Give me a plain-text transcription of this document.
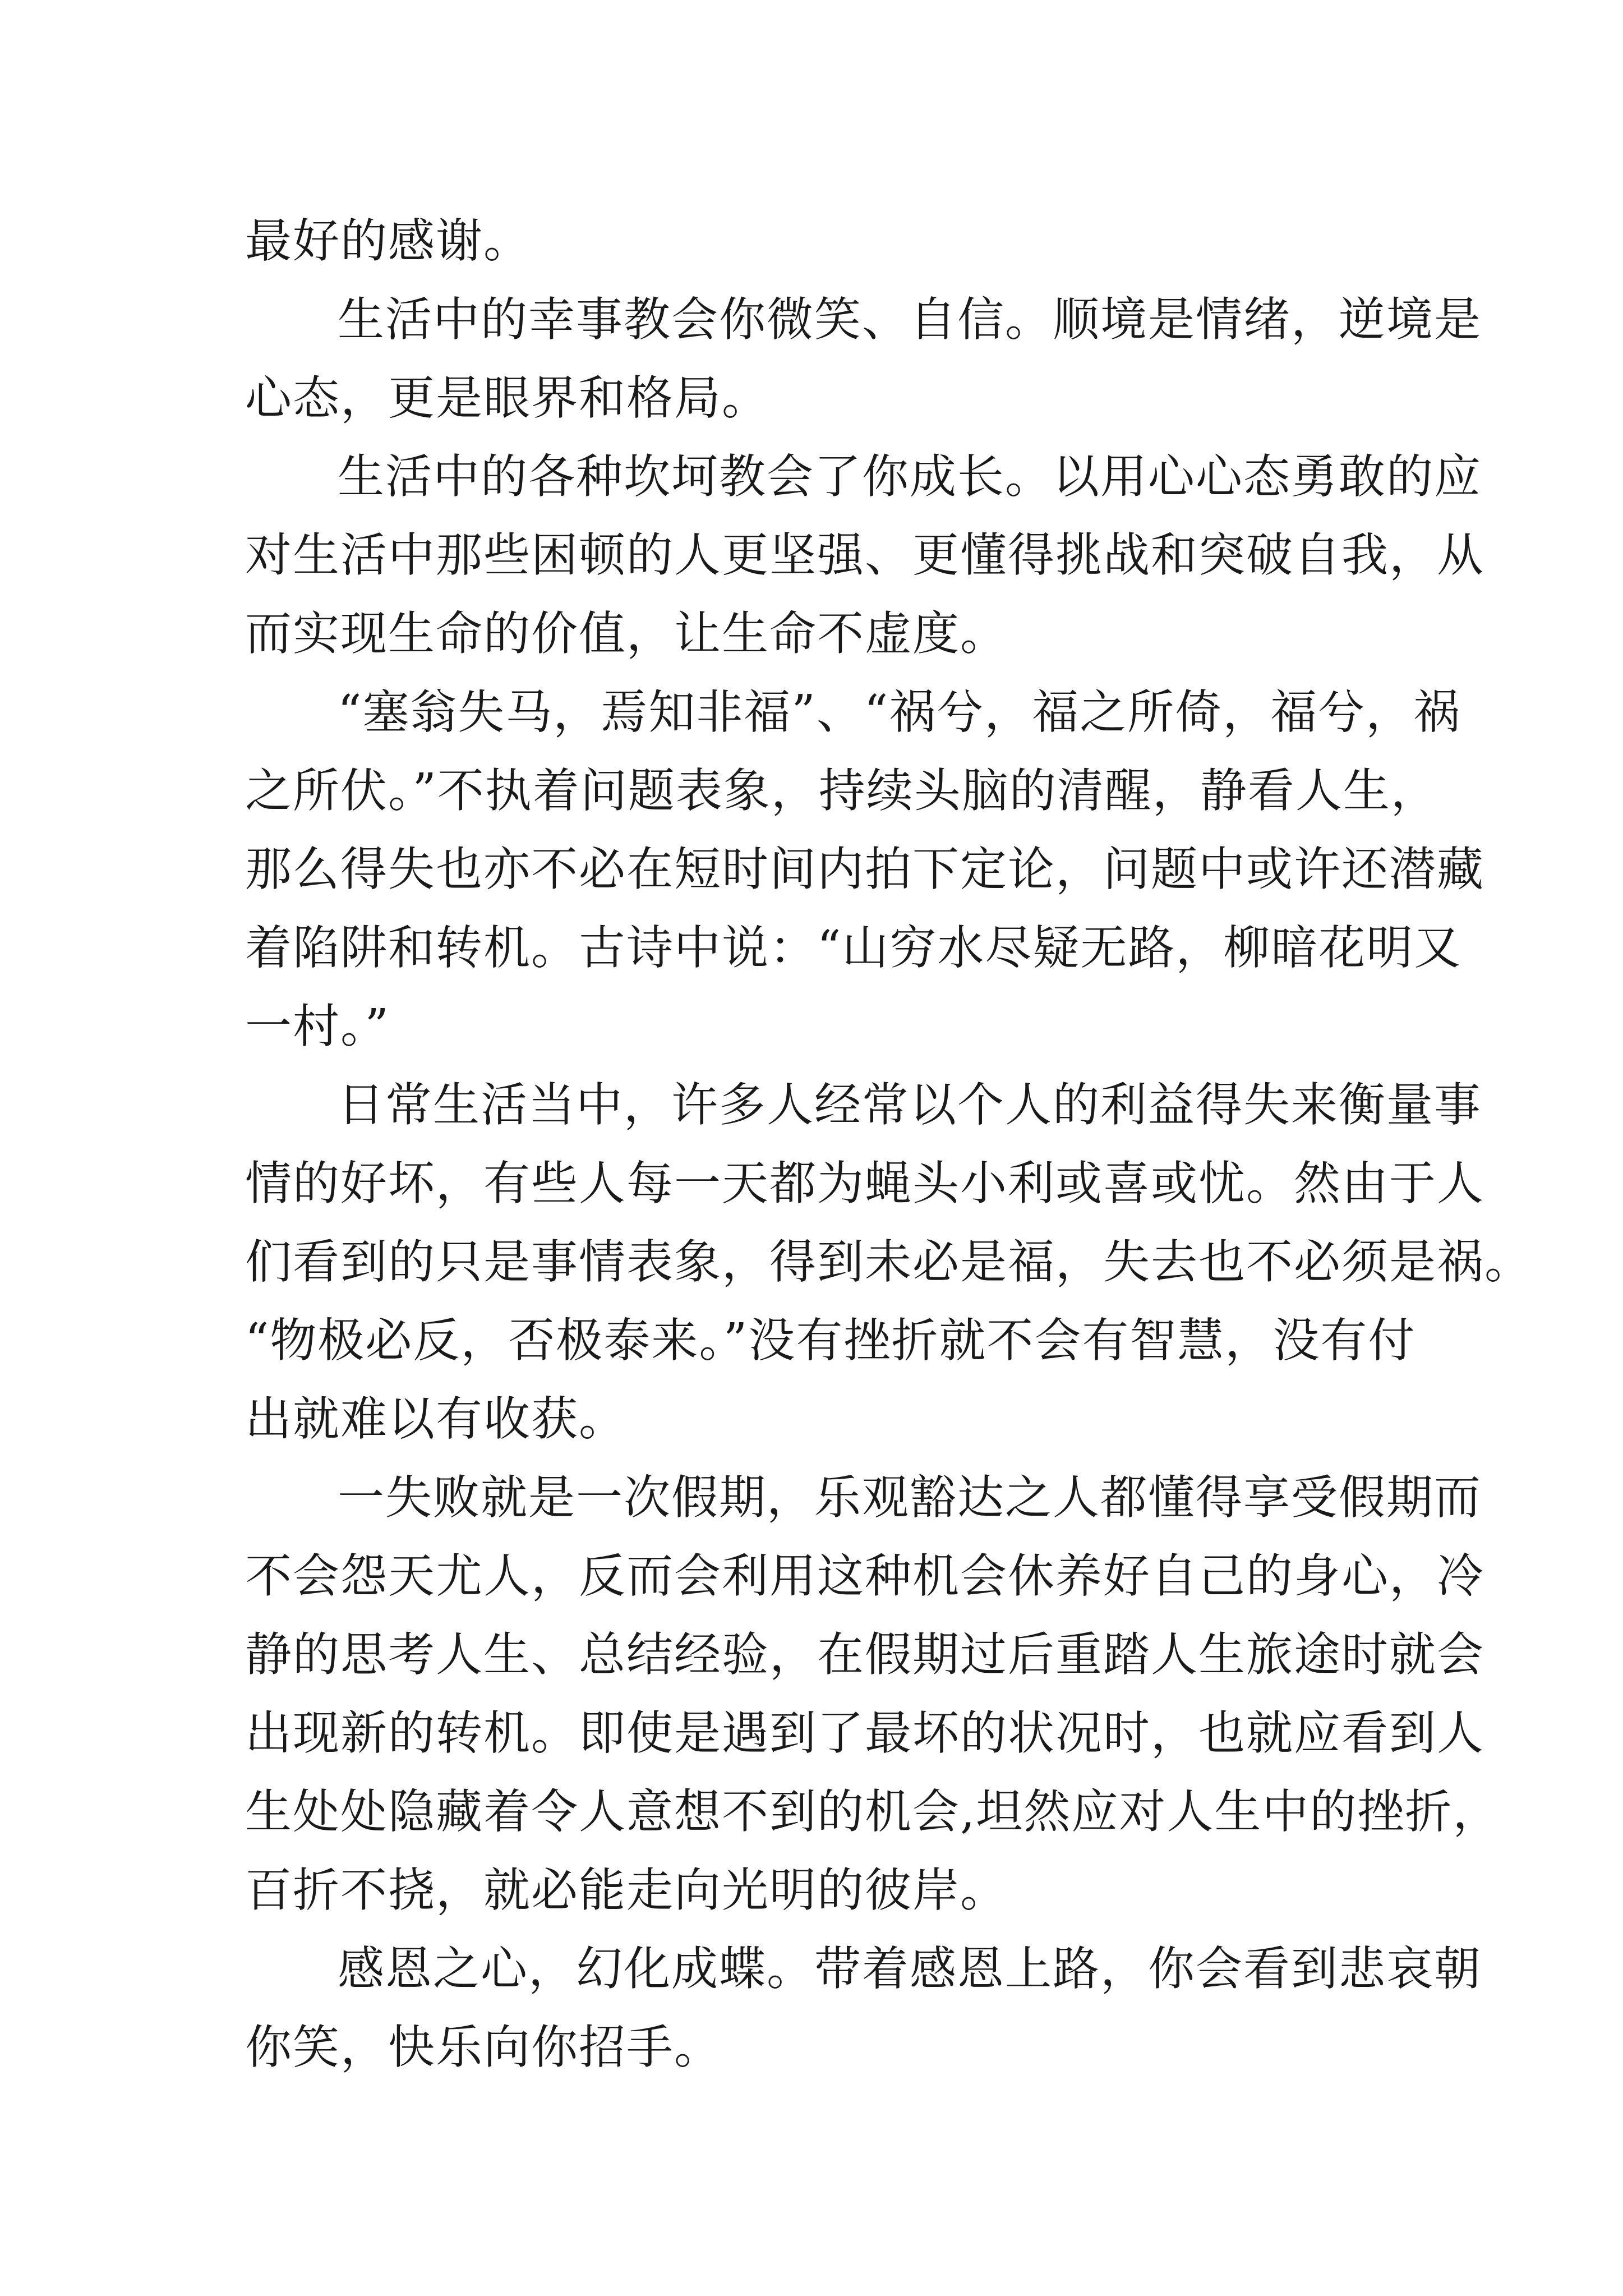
最好的感谢。
生活中的幸事教会你微笑、自信。顺境是情绪，逆境是
心态，更是眼界和格局。
生活中的各种坎坷教会了你成长。以用心心态勇敢的应
对生活中那些困顿的人更坚强、更懂得挑战和突破自我，从
而实现生命的价值，让生命不虚度。
“塞翁失马，焉知非福”、“祸兮，福之所倚，福兮，祸
之所伏。”不执着问题表象，持续头脑的清醒，静看人生，
那么得失也亦不必在短时间内拍下定论，问题中或许还潜藏
着陷阱和转机。古诗中说：“山穷水尽疑无路，柳暗花明又
一村。”
日常生活当中，许多人经常以个人的利益得失来衡量事
情的好坏，有些人每一天都为蝇头小利或喜或忧。然由于人
们看到的只是事情表象，得到未必是福，失去也不必须是祸。
“物极必反，否极泰来。”没有挫折就不会有智慧，没有付
出就难以有收获。
一失败就是一次假期，乐观豁达之人都懂得享受假期而
不会怨天尤人，反而会利用这种机会休养好自己的身心，冷
静的思考人生、总结经验，在假期过后重踏人生旅途时就会
出现新的转机。即使是遇到了最坏的状况时，也就应看到人
生处处隐藏着令人意想不到的机会,坦然应对人生中的挫折，
百折不挠，就必能走向光明的彼岸。
感恩之心，幻化成蝶。带着感恩上路，你会看到悲哀朝
你笑，快乐向你招手。
